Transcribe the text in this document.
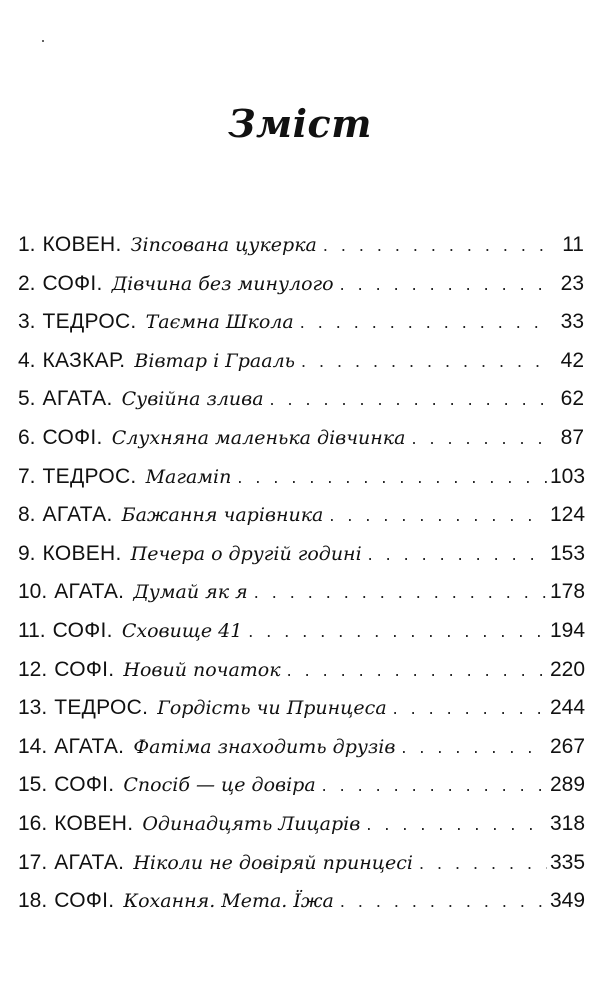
Зміст
1. КОВЕН. Зіпсована цукерка . . .	11
2. СОФІ. Дівчина без минулого . . .	23
3. ТЕДРОС. Таємна Школа . . .	33
4. КАЗКАР. Вівтар і Грааль . . .	42
5. АГАТА. Сувійна злива . . .	62
6. СОФІ. Слухняна маленька дівчинка . . .	87
7. ТЕДРОС. Магаміп . . .	103
8. АГАТА. Бажання чарівника . . .	124
9. КОВЕН. Печера о другій годині . . .	153
10. АГАТА. Думай як я . . .	178
11. СОФІ. Сховище 41 . . .	194
12. СОФІ. Новий початок . . .	220
13. ТЕДРОС. Гордість чи Принцеса . . .	244
14. АГАТА. Фатіма знаходить друзів . . .	267
15. СОФІ. Спосіб — це довіра . . .	289
16. КОВЕН. Одинадцять Лицарів . . .	318
17. АГАТА. Ніколи не довіряй принцесі . . .	335
18. СОФІ. Кохання. Мета. Їжа . . .	349
